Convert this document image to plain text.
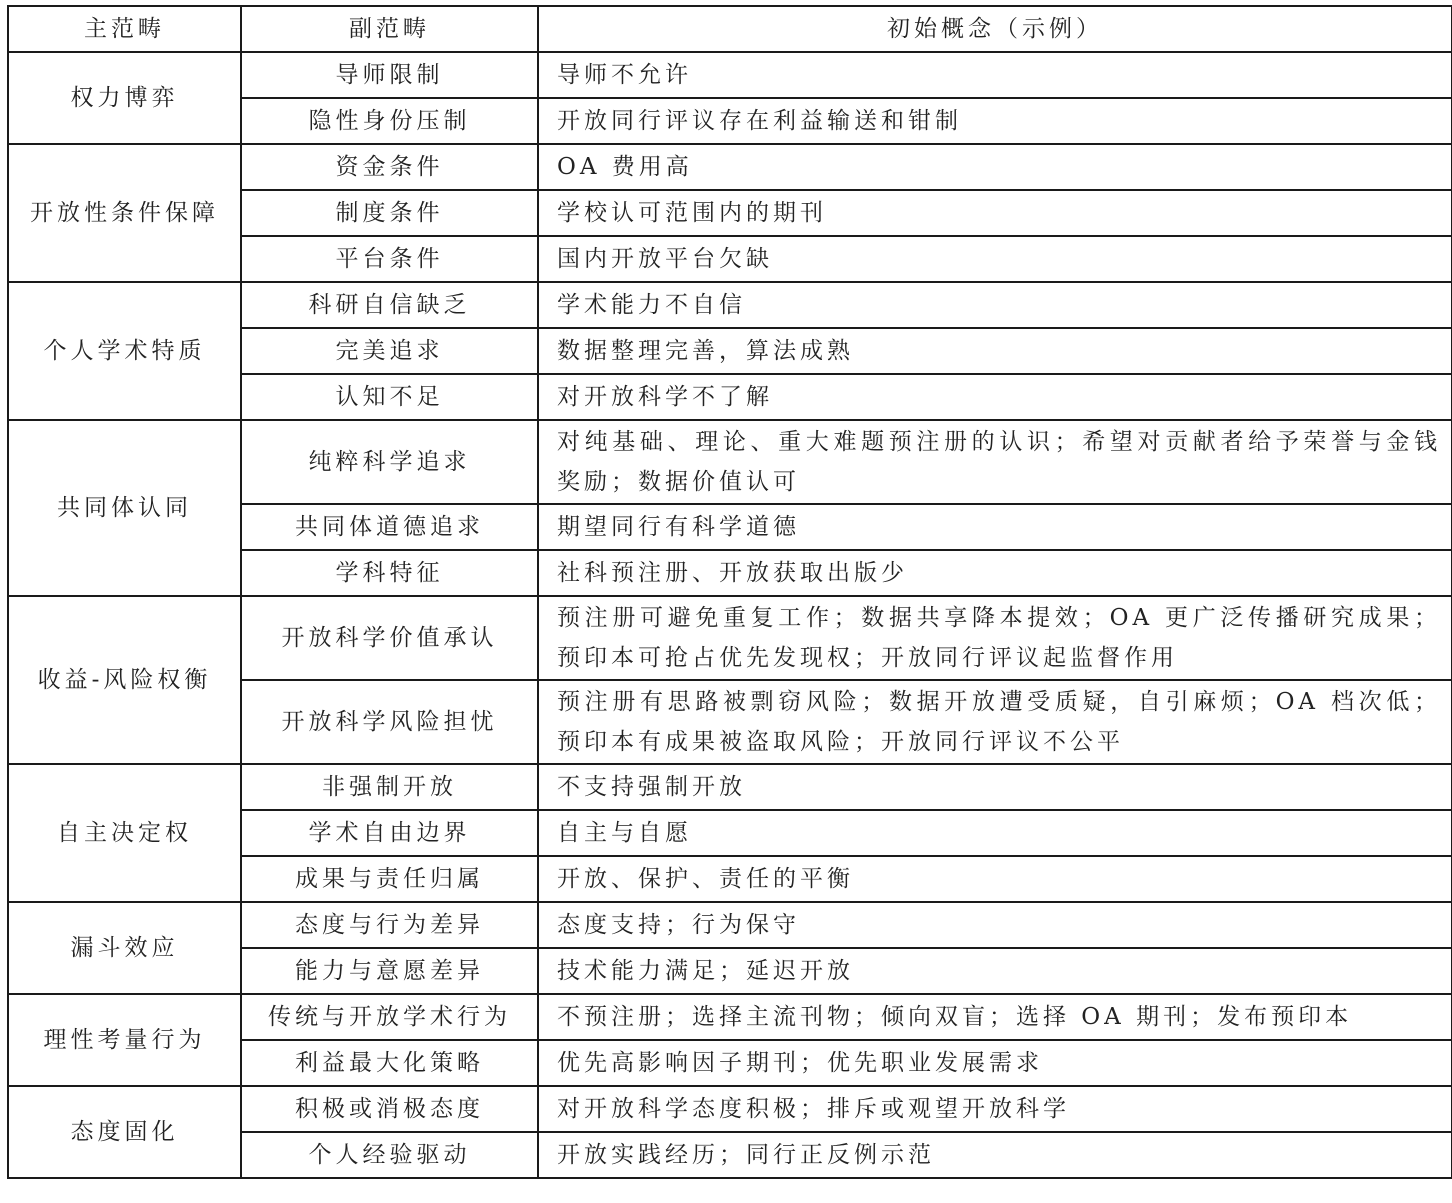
主范畴	副范畴	初始概念（示例）
权力博弈	导师限制	导师不允许
	隐性身份压制	开放同行评议存在利益输送和钳制
开放性条件保障	资金条件	OA 费用高
	制度条件	学校认可范围内的期刊
	平台条件	国内开放平台欠缺
个人学术特质	科研自信缺乏	学术能力不自信
	完美追求	数据整理完善，算法成熟
	认知不足	对开放科学不了解
共同体认同	纯粹科学追求	对纯基础、理论、重大难题预注册的认识；希望对贡献者给予荣誉与金钱奖励；数据价值认可
	共同体道德追求	期望同行有科学道德
	学科特征	社科预注册、开放获取出版少
收益-风险权衡	开放科学价值承认	预注册可避免重复工作；数据共享降本提效；OA 更广泛传播研究成果；预印本可抢占优先发现权；开放同行评议起监督作用
	开放科学风险担忧	预注册有思路被剽窃风险；数据开放遭受质疑，自引麻烦；OA 档次低；预印本有成果被盗取风险；开放同行评议不公平
自主决定权	非强制开放	不支持强制开放
	学术自由边界	自主与自愿
	成果与责任归属	开放、保护、责任的平衡
漏斗效应	态度与行为差异	态度支持；行为保守
	能力与意愿差异	技术能力满足；延迟开放
理性考量行为	传统与开放学术行为	不预注册；选择主流刊物；倾向双盲；选择 OA 期刊；发布预印本
	利益最大化策略	优先高影响因子期刊；优先职业发展需求
态度固化	积极或消极态度	对开放科学态度积极；排斥或观望开放科学
	个人经验驱动	开放实践经历；同行正反例示范
